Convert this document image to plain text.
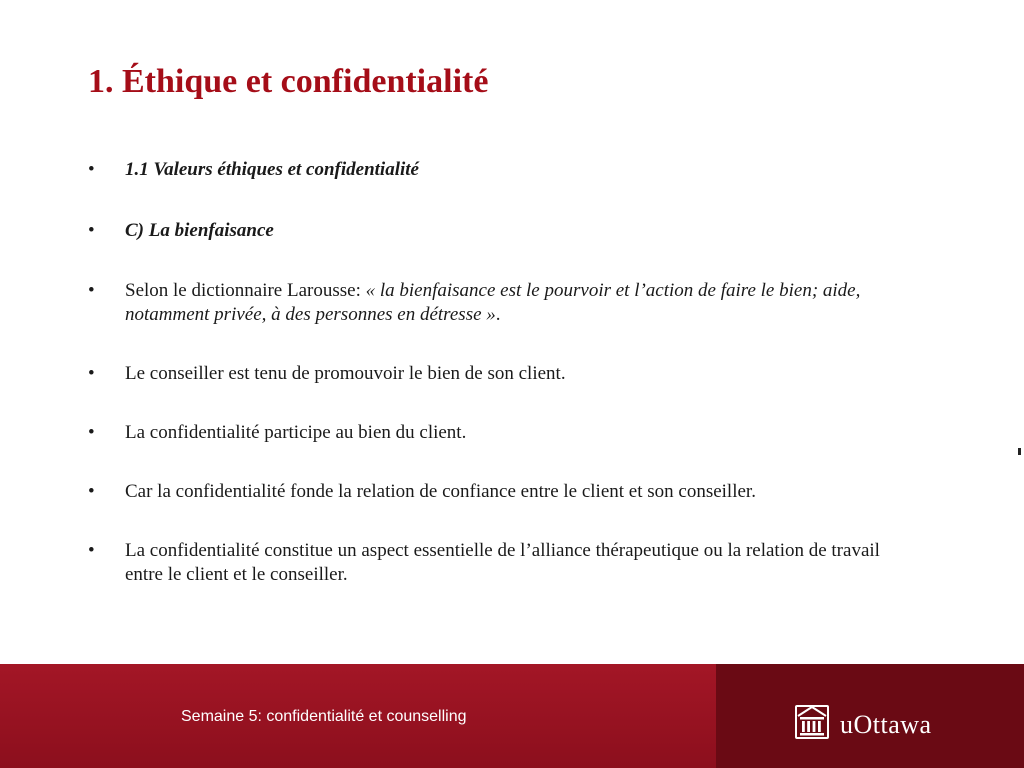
1. Éthique et confidentialité
•	1.1 Valeurs éthiques et confidentialité
•	C) La bienfaisance
•	Selon le dictionnaire Larousse: « la bienfaisance est le pourvoir et l’action de faire le bien; aide, notamment privée, à des personnes en détresse ».
•	Le conseiller est tenu de promouvoir le bien de son client.
•	La confidentialité participe au bien du client.
•	Car la confidentialité fonde la relation de confiance entre le client et son conseiller.
•	La confidentialité constitue un aspect essentielle de l’alliance thérapeutique ou la relation de travail entre le client et le conseiller.
Semaine 5: confidentialité et counselling	uOttawa
